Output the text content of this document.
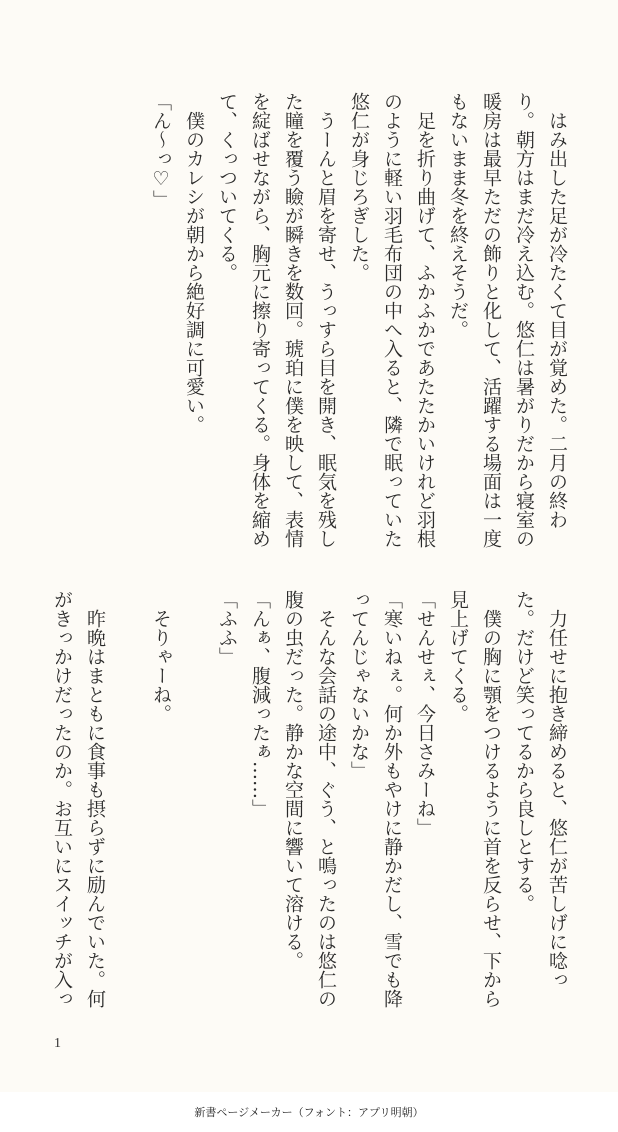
　はみ出した足が冷たくて目が覚めた。二月の終わり。朝方はまだ冷え込む。悠仁は暑がりだから寝室の暖房は最早ただの飾りと化して、活躍する場面は一度もないまま冬を終えそうだ。

　足を折り曲げて、ふかふかであたたかいけれど羽根のように軽い羽毛布団の中へ入ると、隣で眠っていた悠仁が身じろぎした。

　うーんと眉を寄せ、うっすら目を開き、眠気を残した瞳を覆う瞼が瞬きを数回。琥珀に僕を映して、表情を綻ばせながら、胸元に擦り寄ってくる。身体を縮めて、くっついてくる。

　僕のカレシが朝から絶好調に可愛い。

「ん～っ♡」

　力任せに抱き締めると、悠仁が苦しげに唸った。だけど笑ってるから良しとする。

　僕の胸に顎をつけるように首を反らせ、下から見上げてくる。

「せんせぇ、今日さみーね」

「寒いねぇ。何か外もやけに静かだし、雪でも降ってんじゃないかな」

　そんな会話の途中、ぐう、と鳴ったのは悠仁の腹の虫だった。静かな空間に響いて溶ける。

「んぁ、腹減ったぁ……」

「ふふ」

　そりゃーね。

　昨晩はまともに食事も摂らずに励んでいた。何がきっかけだったのか。お互いにスイッチが入っ

1
新書ページメーカー（フォント：アプリ明朝）
